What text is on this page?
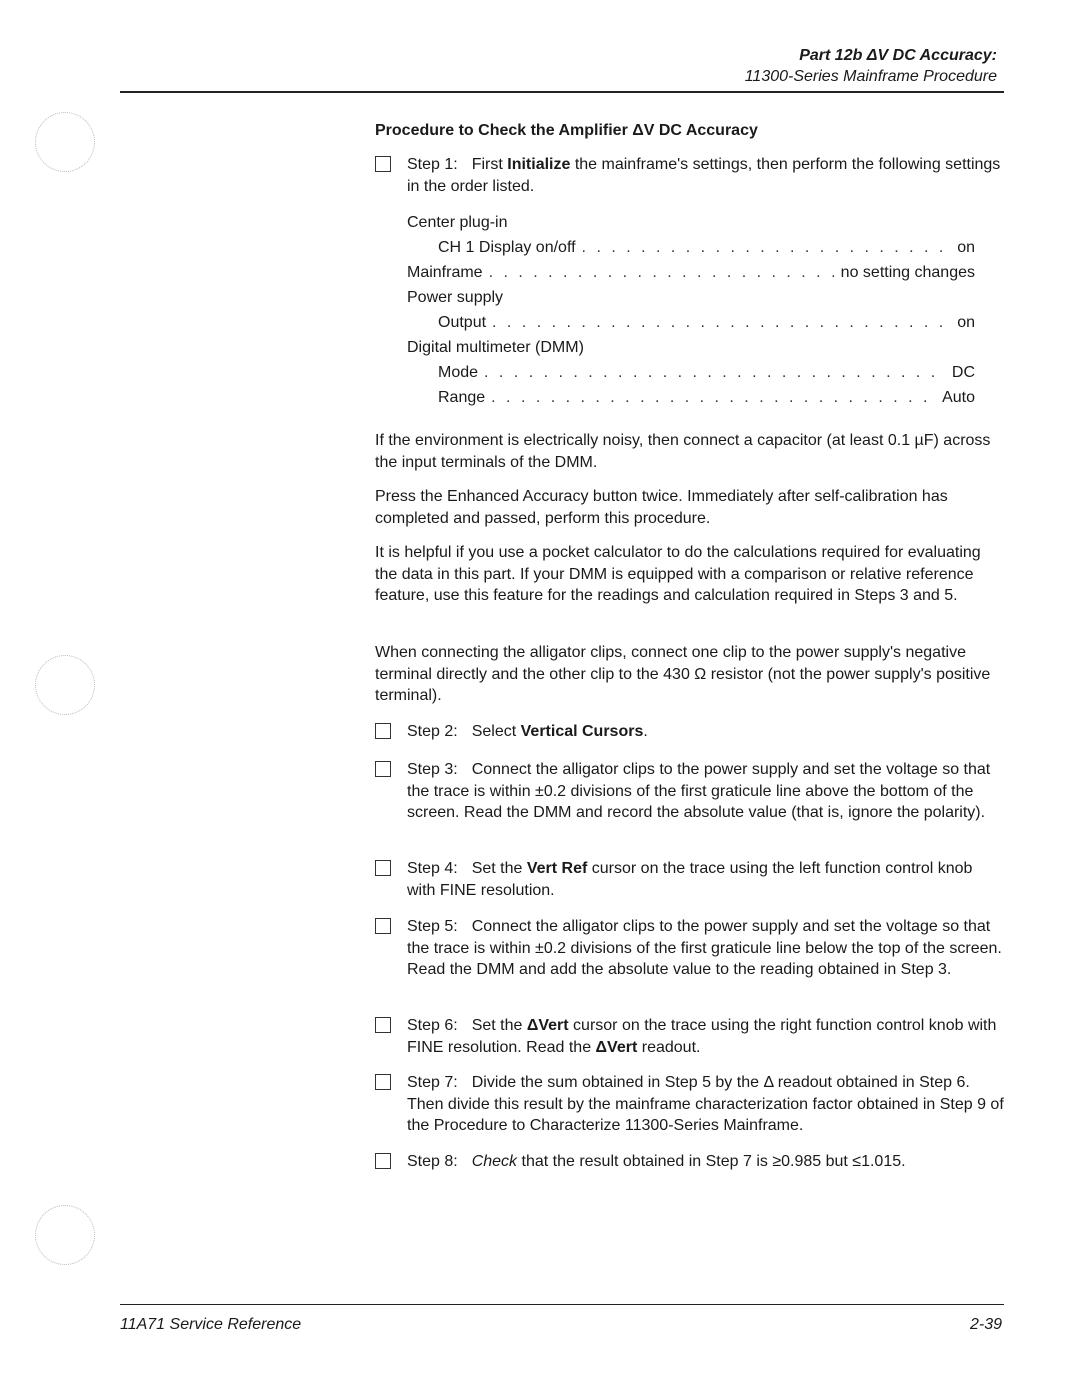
Part 12b ΔV DC Accuracy:
11300-Series Mainframe Procedure
Procedure to Check the Amplifier ΔV DC Accuracy
Step 1: First Initialize the mainframe's settings, then perform the following settings in the order listed.
Center plug-in
CH 1 Display on/off . . .	on
Mainframe . . .	no setting changes
Power supply
Output . . .	on
Digital multimeter (DMM)
Mode . . .	DC
Range . . .	Auto
If the environment is electrically noisy, then connect a capacitor (at least 0.1 µF) across the input terminals of the DMM.
Press the Enhanced Accuracy button twice. Immediately after self-calibration has completed and passed, perform this procedure.
It is helpful if you use a pocket calculator to do the calculations required for evaluating the data in this part. If your DMM is equipped with a comparison or relative reference feature, use this feature for the readings and calculation required in Steps 3 and 5.
When connecting the alligator clips, connect one clip to the power supply's negative terminal directly and the other clip to the 430 Ω resistor (not the power supply's positive terminal).
Step 2: Select Vertical Cursors.
Step 3: Connect the alligator clips to the power supply and set the voltage so that the trace is within ±0.2 divisions of the first graticule line above the bottom of the screen. Read the DMM and record the absolute value (that is, ignore the polarity).
Step 4: Set the Vert Ref cursor on the trace using the left function control knob with FINE resolution.
Step 5: Connect the alligator clips to the power supply and set the voltage so that the trace is within ±0.2 divisions of the first graticule line below the top of the screen. Read the DMM and add the absolute value to the reading obtained in Step 3.
Step 6: Set the ΔVert cursor on the trace using the right function control knob with FINE resolution. Read the ΔVert readout.
Step 7: Divide the sum obtained in Step 5 by the Δ readout obtained in Step 6. Then divide this result by the mainframe characterization factor obtained in Step 9 of the Procedure to Characterize 11300-Series Mainframe.
Step 8: Check that the result obtained in Step 7 is ≥0.985 but ≤1.015.
11A71 Service Reference	2-39
